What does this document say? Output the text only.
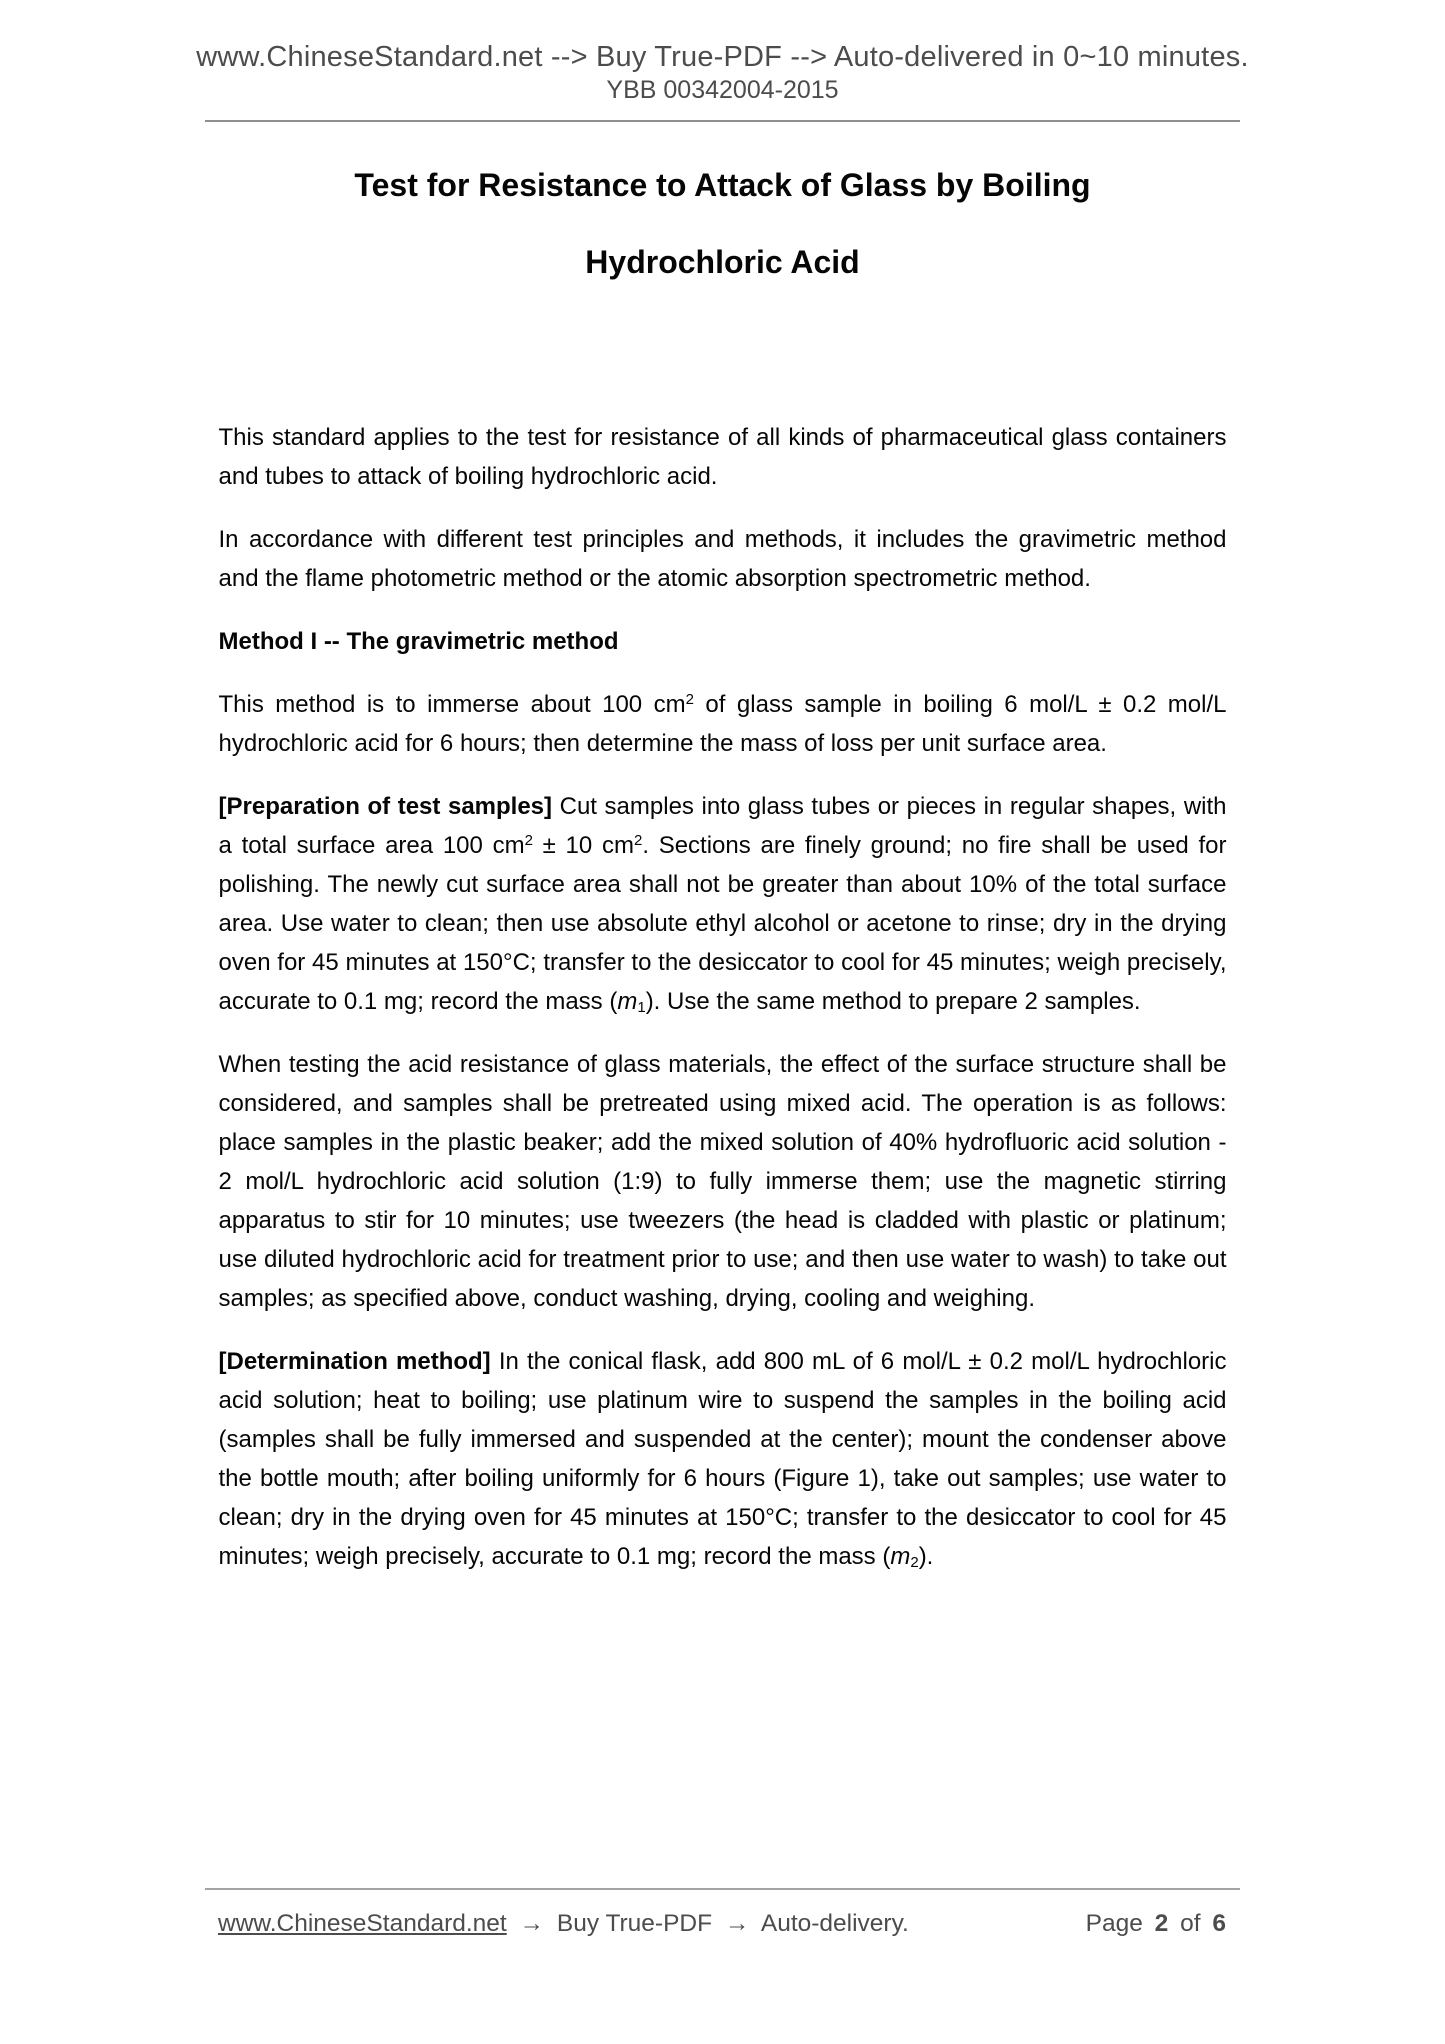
www.ChineseStandard.net --> Buy True-PDF --> Auto-delivered in 0~10 minutes.
YBB 00342004-2015
Test for Resistance to Attack of Glass by Boiling
Hydrochloric Acid

This standard applies to the test for resistance of all kinds of pharmaceutical glass containers and tubes to attack of boiling hydrochloric acid.

In accordance with different test principles and methods, it includes the gravimetric method and the flame photometric method or the atomic absorption spectrometric method.

Method I -- The gravimetric method

This method is to immerse about 100 $cm^2$ of glass sample in boiling 6 mol/L ± 0.2 mol/L hydrochloric acid for 6 hours; then determine the mass of loss per unit surface area.

[Preparation of test samples] Cut samples into glass tubes or pieces in regular shapes, with a total surface area 100 $cm^2 \pm 10$ $cm^2$. Sections are finely ground; no fire shall be used for polishing. The newly cut surface area shall not be greater than about 10% of the total surface area. Use water to clean; then use absolute ethyl alcohol or acetone to rinse; dry in the drying oven for 45 minutes at 150°C; transfer to the desiccator to cool for 45 minutes; weigh precisely, accurate to 0.1 mg; record the mass (m1). Use the same method to prepare 2 samples.

When testing the acid resistance of glass materials, the effect of the surface structure shall be considered, and samples shall be pretreated using mixed acid. The operation is as follows: place samples in the plastic beaker; add the mixed solution of 40% hydrofluoric acid solution - 2 mol/L hydrochloric acid solution (1:9) to fully immerse them; use the magnetic stirring apparatus to stir for 10 minutes; use tweezers (the head is cladded with plastic or platinum; use diluted hydrochloric acid for treatment prior to use; and then use water to wash) to take out samples; as specified above, conduct washing, drying, cooling and weighing.

[Determination method] In the conical flask, add 800 mL of 6 mol/L ± 0.2 mol/L hydrochloric acid solution; heat to boiling; use platinum wire to suspend the samples in the boiling acid (samples shall be fully immersed and suspended at the center); mount the condenser above the bottle mouth; after boiling uniformly for 6 hours (Figure 1), take out samples; use water to clean; dry in the drying oven for 45 minutes at 150°C; transfer to the desiccator to cool for 45 minutes; weigh precisely, accurate to 0.1 mg; record the mass (m2).

www.ChineseStandard.net → Buy True-PDF → Auto-delivery.	Page 2 of 6
